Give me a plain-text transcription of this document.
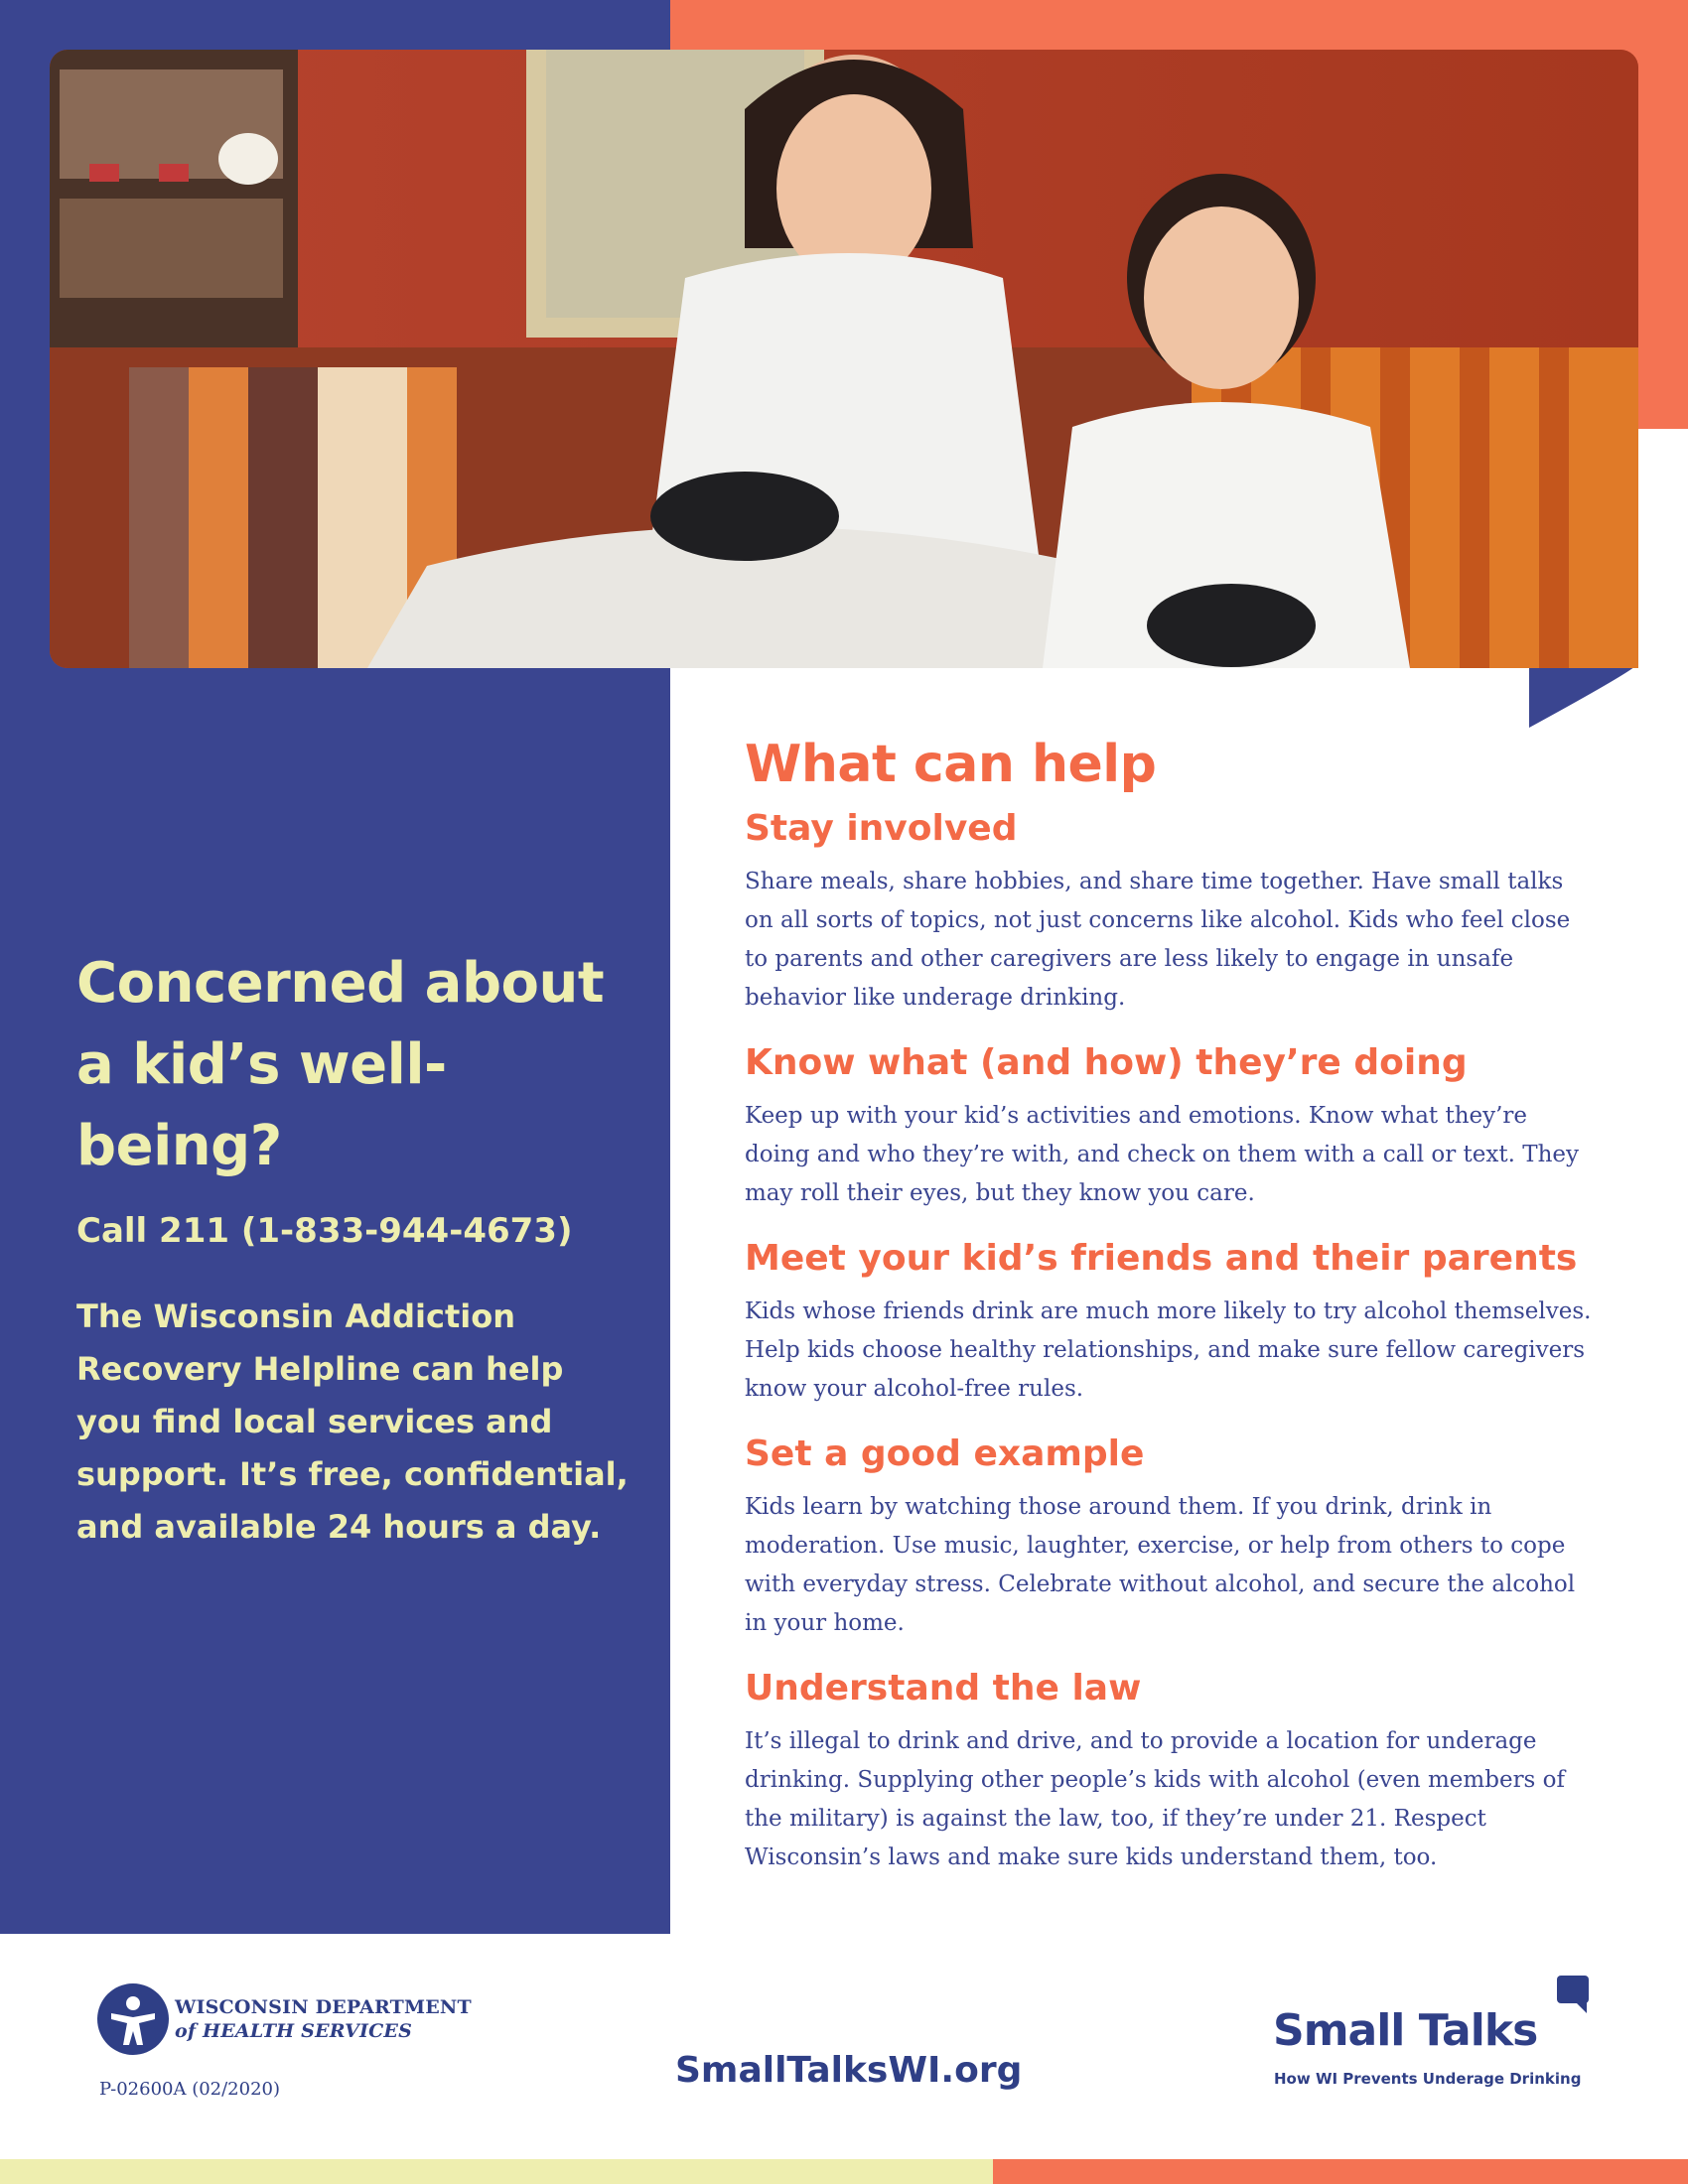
Concerned about a kid’s well-being?
Call 211 (1-833-944-4673)

The Wisconsin Addiction Recovery Helpline can help you find local services and support. It’s free, confidential, and available 24 hours a day.

What can help
Stay involved

Share meals, share hobbies, and share time together. Have small talks on all sorts of topics, not just concerns like alcohol. Kids who feel close to parents and other caregivers are less likely to engage in unsafe behavior like underage drinking.

Know what (and how) they’re doing

Keep up with your kid’s activities and emotions. Know what they’re doing and who they’re with, and check on them with a call or text. They may roll their eyes, but they know you care.

Meet your kid’s friends and their parents

Kids whose friends drink are much more likely to try alcohol themselves. Help kids choose healthy relationships, and make sure fellow caregivers know your alcohol-free rules.

Set a good example

Kids learn by watching those around them. If you drink, drink in moderation. Use music, laughter, exercise, or help from others to cope with everyday stress. Celebrate without alcohol, and secure the alcohol in your home.

Understand the law

It’s illegal to drink and drive, and to provide a location for underage drinking. Supplying other people’s kids with alcohol (even members of the military) is against the law, too, if they’re under 21. Respect Wisconsin’s laws and make sure kids understand them, too.

WISCONSIN DEPARTMENT
of HEALTH SERVICES
P-02600A (02/2020)	SmallTalksWI.org
Small Talks
How WI Prevents Underage Drinking
